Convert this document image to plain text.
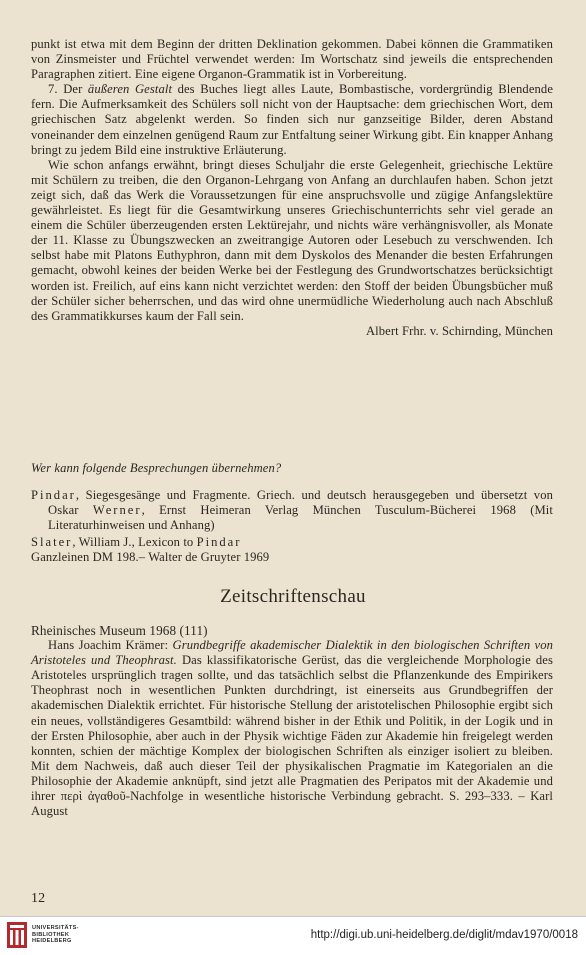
punkt ist etwa mit dem Beginn der dritten Deklination gekommen. Dabei können die Grammatiken von Zinsmeister und Früchtel verwendet werden: Im Wortschatz sind jeweils die entsprechenden Paragraphen zitiert. Eine eigene Organon-Grammatik ist in Vorbereitung.

7. Der äußeren Gestalt des Buches liegt alles Laute, Bombastische, vordergründig Blendende fern. Die Aufmerksamkeit des Schülers soll nicht von der Hauptsache: dem griechischen Wort, dem griechischen Satz abgelenkt werden. So finden sich nur ganzseitige Bilder, deren Abstand voneinander dem einzelnen genügend Raum zur Entfaltung seiner Wirkung gibt. Ein knapper Anhang bringt zu jedem Bild eine instruktive Erläuterung.

Wie schon anfangs erwähnt, bringt dieses Schuljahr die erste Gelegenheit, griechische Lektüre mit Schülern zu treiben, die den Organon-Lehrgang von Anfang an durchlaufen haben. Schon jetzt zeigt sich, daß das Werk die Voraussetzungen für eine anspruchsvolle und zügige Anfangslektüre gewährleistet. Es liegt für die Gesamtwirkung unseres Griechischunterrichts sehr viel gerade an einem die Schüler überzeugenden ersten Lektürejahr, und nichts wäre verhängnisvoller, als Monate der 11. Klasse zu Übungszwecken an zweitrangige Autoren oder Lesebuch zu verschwenden. Ich selbst habe mit Platons Euthyphron, dann mit dem Dyskolos des Menander die besten Erfahrungen gemacht, obwohl keines der beiden Werke bei der Festlegung des Grundwortschatzes berücksichtigt worden ist. Freilich, auf eins kann nicht verzichtet werden: den Stoff der beiden Übungsbücher muß der Schüler sicher beherrschen, und das wird ohne unermüdliche Wiederholung auch nach Abschluß des Grammatikkurses kaum der Fall sein.

Albert Frhr. v. Schirnding, München

Wer kann folgende Besprechungen übernehmen?

Pindar, Siegesgesänge und Fragmente. Griech. und deutsch herausgegeben und übersetzt von Oskar Werner, Ernst Heimeran Verlag München Tusculum-Bücherei 1968 (Mit Literaturhinweisen und Anhang)

Slater, William J., Lexicon to Pindar

Ganzleinen DM 198.– Walter de Gruyter 1969

Zeitschriftenschau

Rheinisches Museum 1968 (111)

Hans Joachim Krämer: Grundbegriffe akademischer Dialektik in den biologischen Schriften von Aristoteles und Theophrast. Das klassifikatorische Gerüst, das die vergleichende Morphologie des Aristoteles ursprünglich tragen sollte, und das tatsächlich selbst die Pflanzenkunde des Empirikers Theophrast noch in wesentlichen Punkten durchdringt, ist einerseits aus Grundbegriffen der akademischen Dialektik errichtet. Für historische Stellung der aristotelischen Philosophie ergibt sich ein neues, vollständigeres Gesamtbild: während bisher in der Ethik und Politik, in der Logik und in der Ersten Philosophie, aber auch in der Physik wichtige Fäden zur Akademie hin freigelegt werden konnten, schien der mächtige Komplex der biologischen Schriften als einziger isoliert zu bleiben. Mit dem Nachweis, daß auch dieser Teil der physikalischen Pragmatie im Kategorialen an die Philosophie der Akademie anknüpft, sind jetzt alle Pragmatien des Peripatos mit der Akademie und ihrer περὶ ἀγαθοῦ-Nachfolge in wesentliche historische Verbindung gebracht. S. 293–333. – Karl August

12
UNIVERSITÄTS-
BIBLIOTHEK
HEIDELBERG
http://digi.ub.uni-heidelberg.de/diglit/mdav1970/0018
